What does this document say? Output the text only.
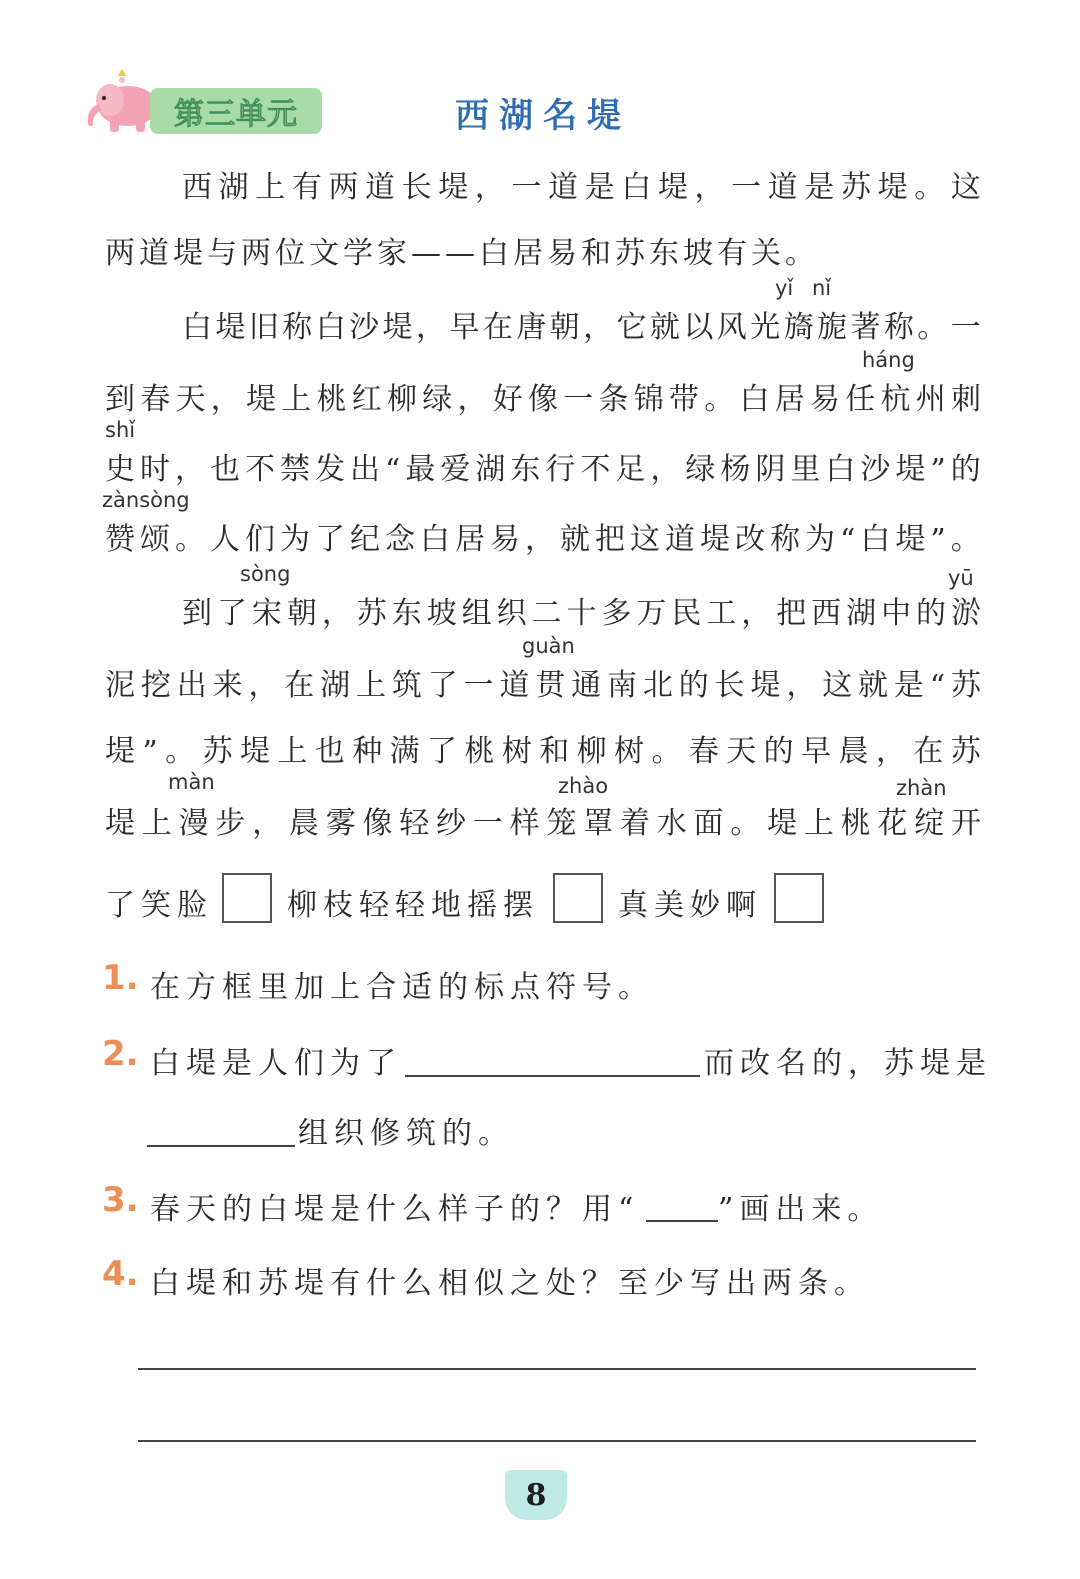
第三单元	西湖名堤
西 湖 上 有 两 道 长 堤 ， 一 道 是 白 堤 ， 一 道 是 苏 堤 。 这
两道堤与两位文学家——白居易和苏东坡有关。
yǐ nǐ
白 堤 旧 称 白 沙 堤 ， 早 在 唐 朝 ， 它 就 以 风 光 旖 旎 著 称 。 一
háng
到 春 天 ， 堤 上 桃 红 柳 绿 ， 好 像 一 条 锦 带 。 白 居 易 任 杭 州 刺
shǐ
史 时 ， 也 不 禁 发 出 “ 最 爱 湖 东 行 不 足 ， 绿 杨 阴 里 白 沙 堤 ” 的
zànsòng
赞 颂 。 人 们 为 了 纪 念 白 居 易 ， 就 把 这 道 堤 改 称 为 “ 白 堤 ” 。
sòng	yū
到 了 宋 朝 ， 苏 东 坡 组 织 二 十 多 万 民 工 ， 把 西 湖 中 的 淤
guàn
泥 挖 出 来 ， 在 湖 上 筑 了 一 道 贯 通 南 北 的 长 堤 ， 这 就 是 “ 苏
堤 ” 。 苏 堤 上 也 种 满 了 桃 树 和 柳 树 。 春 天 的 早 晨 ， 在 苏
màn	zhào	zhàn
堤 上 漫 步 ， 晨 雾 像 轻 纱 一 样 笼 罩 着 水 面 。 堤 上 桃 花 绽 开
了笑脸 柳枝轻轻地摇摆	真美妙啊
1. 在方框里加上合适的标点符号。
2. 白堤是人们为了	而改名的，苏堤是
组织修筑的。
3. 春天的白堤是什么样子的？用“	”画出来。
4. 白堤和苏堤有什么相似之处？至少写出两条。
8
